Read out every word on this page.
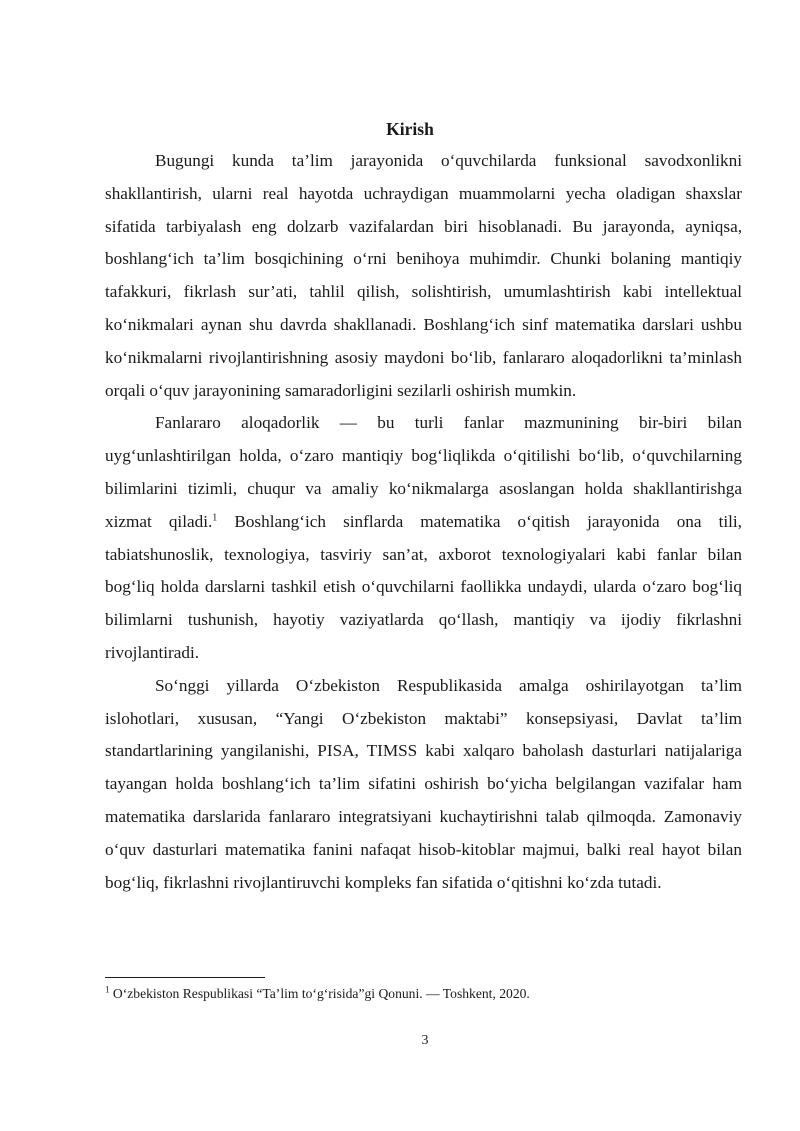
Kirish

Bugungi kunda ta’lim jarayonida o‘quvchilarda funksional savodxonlikni shakllantirish, ularni real hayotda uchraydigan muammolarni yecha oladigan shaxslar sifatida tarbiyalash eng dolzarb vazifalardan biri hisoblanadi. Bu jarayonda, ayniqsa, boshlang‘ich ta’lim bosqichining o‘rni benihoya muhimdir. Chunki bolaning mantiqiy tafakkuri, fikrlash sur’ati, tahlil qilish, solishtirish, umumlashtirish kabi intellektual ko‘nikmalari aynan shu davrda shakllanadi. Boshlang‘ich sinf matematika darslari ushbu ko‘nikmalarni rivojlantirishning asosiy maydoni bo‘lib, fanlararo aloqadorlikni ta’minlash orqali o‘quv jarayonining samaradorligini sezilarli oshirish mumkin.

Fanlararo aloqadorlik — bu turli fanlar mazmunining bir-biri bilan uyg‘unlashtirilgan holda, o‘zaro mantiqiy bog‘liqlikda o‘qitilishi bo‘lib, o‘quvchilarning bilimlarini tizimli, chuqur va amaliy ko‘nikmalarga asoslangan holda shakllantirishga xizmat qiladi.$^1$ Boshlang‘ich sinflarda matematika o‘qitish jarayonida ona tili, tabiatshunoslik, texnologiya, tasviriy san’at, axborot texnologiyalari kabi fanlar bilan bog‘liq holda darslarni tashkil etish o‘quvchilarni faollikka undaydi, ularda o‘zaro bog‘liq bilimlarni tushunish, hayotiy vaziyatlarda qo‘llash, mantiqiy va ijodiy fikrlashni rivojlantiradi.

So‘nggi yillarda O‘zbekiston Respublikasida amalga oshirilayotgan ta’lim islohotlari, xususan, “Yangi O‘zbekiston maktabi” konsepsiyasi, Davlat ta’lim standartlarining yangilanishi, PISA, TIMSS kabi xalqaro baholash dasturlari natijalariga tayangan holda boshlang‘ich ta’lim sifatini oshirish bo‘yicha belgilangan vazifalar ham matematika darslarida fanlararo integratsiyani kuchaytirishni talab qilmoqda. Zamonaviy o‘quv dasturlari matematika fanini nafaqat hisob-kitoblar majmui, balki real hayot bilan bog‘liq, fikrlashni rivojlantiruvchi kompleks fan sifatida o‘qitishni ko‘zda tutadi.

$^1$ O‘zbekiston Respublikasi “Ta’lim to‘g‘risida”gi Qonuni. — Toshkent, 2020.
3
